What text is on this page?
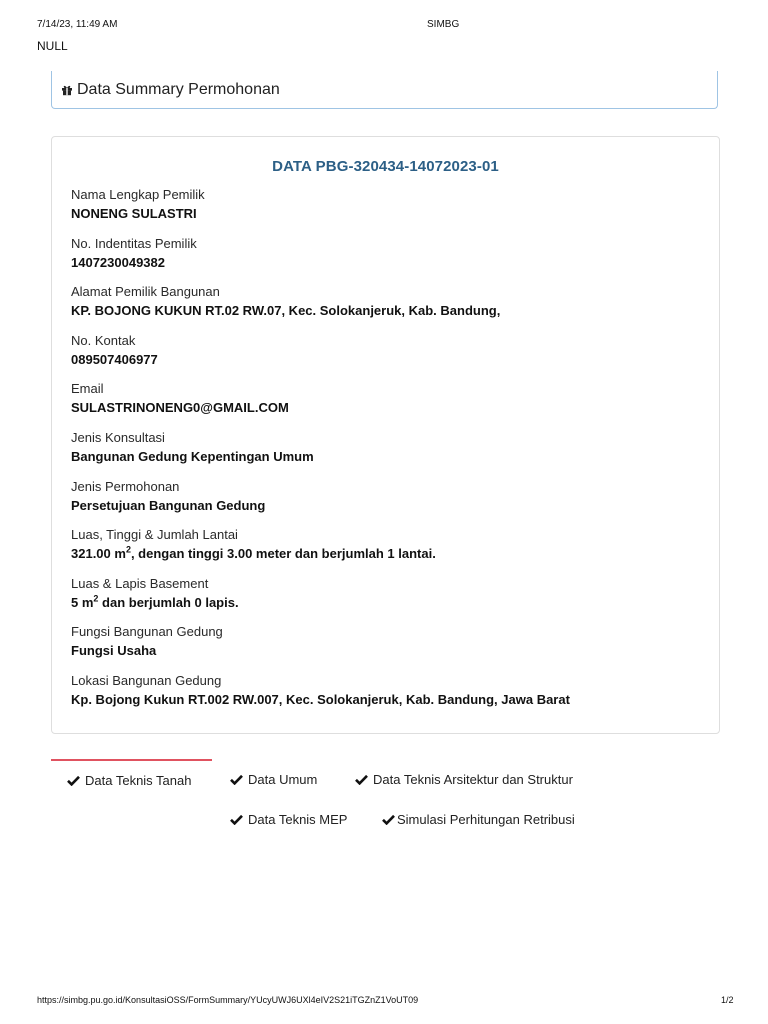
7/14/23, 11:49 AM	SIMBG
NULL
Data Summary Permohonan
DATA PBG-320434-14072023-01
Nama Lengkap Pemilik
NONENG SULASTRI
No. Indentitas Pemilik
1407230049382
Alamat Pemilik Bangunan
KP. BOJONG KUKUN RT.02 RW.07, Kec. Solokanjeruk, Kab. Bandung,
No. Kontak
089507406977
Email
SULASTRINONENG0@GMAIL.COM
Jenis Konsultasi
Bangunan Gedung Kepentingan Umum
Jenis Permohonan
Persetujuan Bangunan Gedung
Luas, Tinggi & Jumlah Lantai
321.00 $m^2$, dengan tinggi 3.00 meter dan berjumlah 1 lantai.
Luas & Lapis Basement
5 $m^2$ dan berjumlah 0 lapis.
Fungsi Bangunan Gedung
Fungsi Usaha
Lokasi Bangunan Gedung
Kp. Bojong Kukun RT.002 RW.007, Kec. Solokanjeruk, Kab. Bandung, Jawa Barat
Data Teknis Tanah	Data Umum	Data Teknis Arsitektur dan Struktur
Data Teknis MEP	Simulasi Perhitungan Retribusi
https://simbg.pu.go.id/KonsultasiOSS/FormSummary/YUcyUWJ6UXl4eIV2S21iTGZnZ1VoUT09	1/2
